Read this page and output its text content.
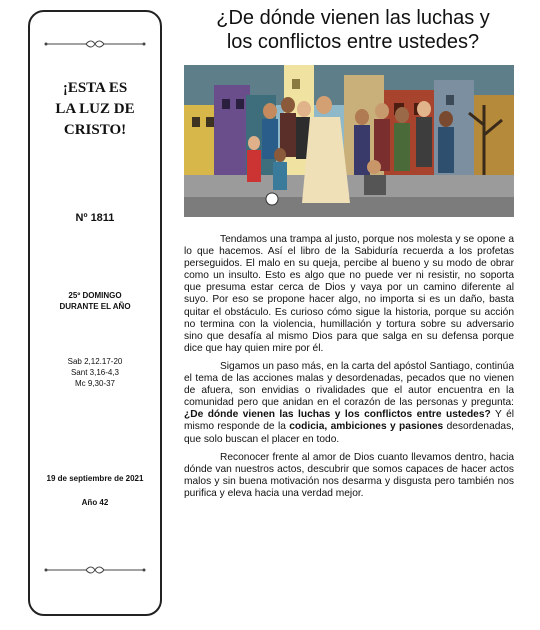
¡ESTA ES
LA LUZ DE
CRISTO!
Nº 1811
25º DOMINGO
DURANTE EL AÑO
Sab 2,12.17-20
Sant 3,16-4,3
Mc 9,30-37
19 de septiembre de 2021
Año 42
¿De dónde vienen las luchas y
los conflictos entre ustedes?

Tendamos una trampa al justo, porque nos molesta y se opone a lo que hacemos. Así el libro de la Sabiduría recuerda a los profetas perseguidos. El malo en su queja, percibe al bueno y su modo de obrar como un insulto. Esto es algo que no puede ver ni resistir, no soporta que presuma estar cerca de Dios y vaya por un camino diferente al suyo. Por eso se propone hacer algo, no importa si es un daño, basta quitar el obstáculo. Es curioso cómo sigue la historia, porque su acción no termina con la violencia, humillación y tortura sobre su adversario sino que desafía al mismo Dios para que salga en su defensa porque dice que hay quien mire por él.

Sigamos un paso más, en la carta del apóstol Santiago, continúa el tema de las acciones malas y desordenadas, pecados que no vienen de afuera, son envidias o rivalidades que el autor encuentra en la comunidad pero que anidan en el corazón de las personas y pregunta: ¿De dónde vienen las luchas y los conflictos entre ustedes? Y él mismo responde de la codicia, ambiciones y pasiones desordenadas, que solo buscan el placer en todo.

Reconocer frente al amor de Dios cuanto llevamos dentro, hacia dónde van nuestros actos, descubrir que somos capaces de hacer actos malos y sin buena motivación nos desarma y disgusta pero también nos purifica y eleva hacia una verdad mejor.
